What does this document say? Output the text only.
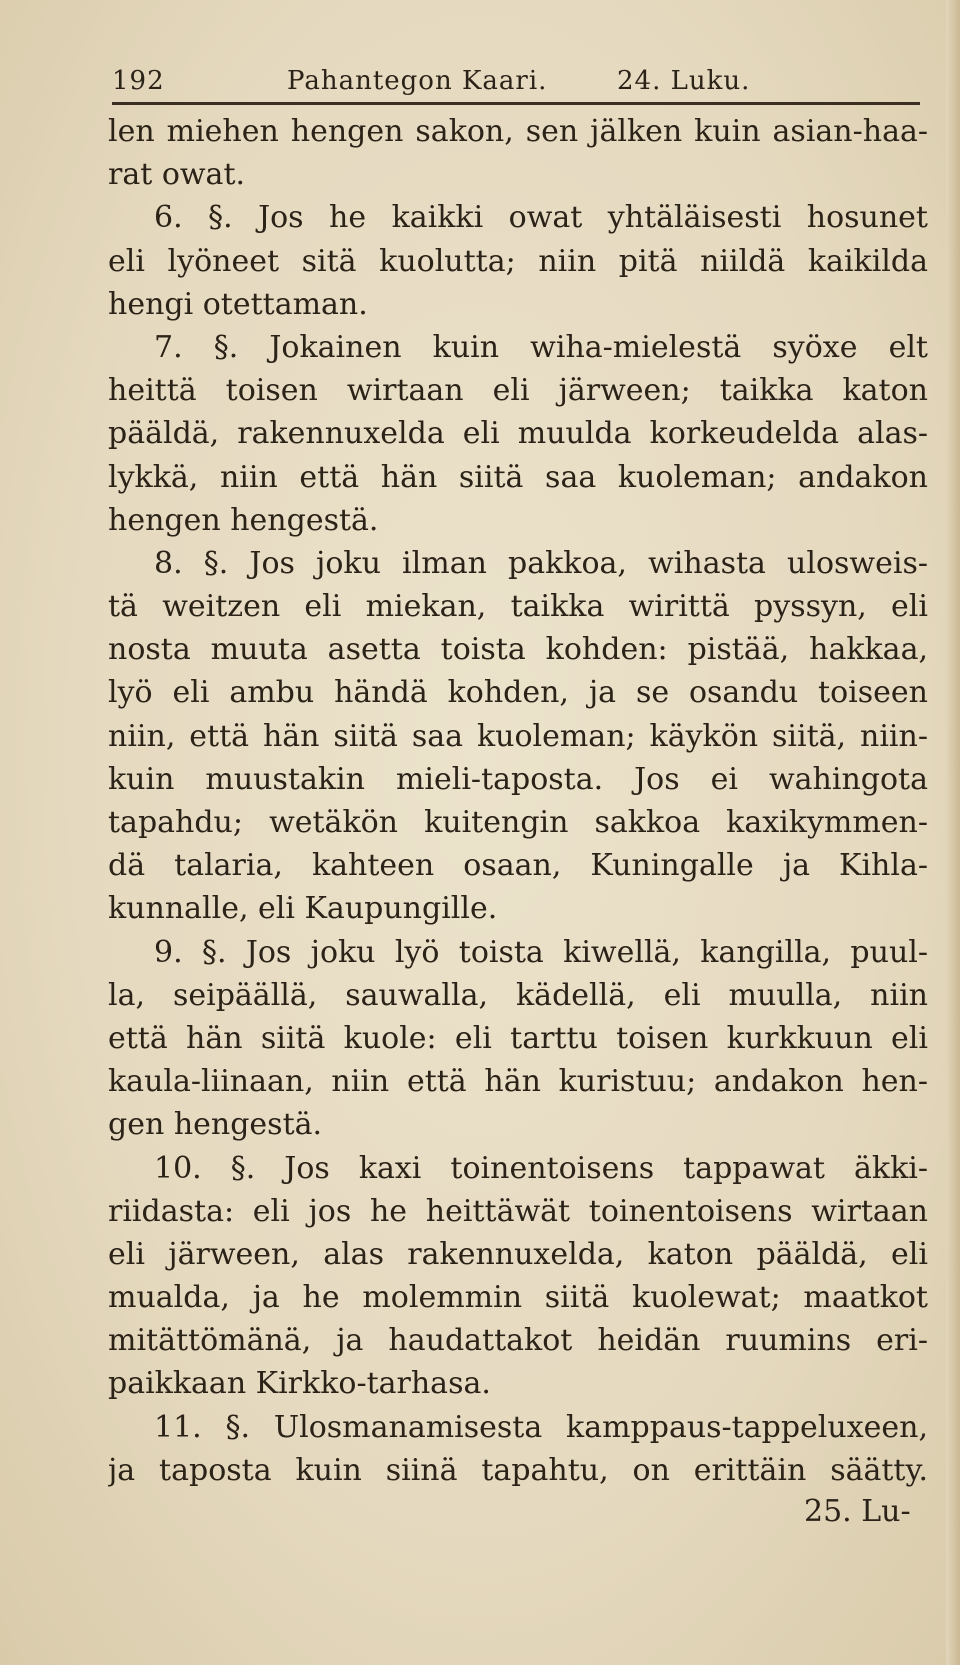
192	Pahantegon Kaari.	24. Luku.
len miehen hengen sakon, sen jälken kuin asian-haa-
rat owat.
6. §. Jos he kaikki owat yhtäläisesti hosunet
eli lyöneet sitä kuolutta; niin pitä niildä kaikilda
hengi otettaman.
7. §. Jokainen kuin wiha-mielestä syöxe elt
heittä toisen wirtaan eli järween; taikka katon
pääldä, rakennuxelda eli muulda korkeudelda alas-
lykkä, niin että hän siitä saa kuoleman; andakon
hengen hengestä.
8. §. Jos joku ilman pakkoa, wihasta ulosweis-
tä weitzen eli miekan, taikka wirittä pyssyn, eli
nosta muuta asetta toista kohden: pistää, hakkaa,
lyö eli ambu händä kohden, ja se osandu toiseen
niin, että hän siitä saa kuoleman; käykön siitä, niin-
kuin muustakin mieli-taposta. Jos ei wahingota
tapahdu; wetäkön kuitengin sakkoa kaxikymmen-
dä talaria, kahteen osaan, Kuningalle ja Kihla-
kunnalle, eli Kaupungille.
9. §. Jos joku lyö toista kiwellä, kangilla, puul-
la, seipäällä, sauwalla, kädellä, eli muulla, niin
että hän siitä kuole: eli tarttu toisen kurkkuun eli
kaula-liinaan, niin että hän kuristuu; andakon hen-
gen hengestä.
10. §. Jos kaxi toinentoisens tappawat äkki-
riidasta: eli jos he heittäwät toinentoisens wirtaan
eli järween, alas rakennuxelda, katon pääldä, eli
mualda, ja he molemmin siitä kuolewat; maatkot
mitättömänä, ja haudattakot heidän ruumins eri-
paikkaan Kirkko-tarhasa.
11. §. Ulosmanamisesta kamppaus-tappeluxeen,
ja taposta kuin siinä tapahtu, on erittäin säätty.
25. Lu-
